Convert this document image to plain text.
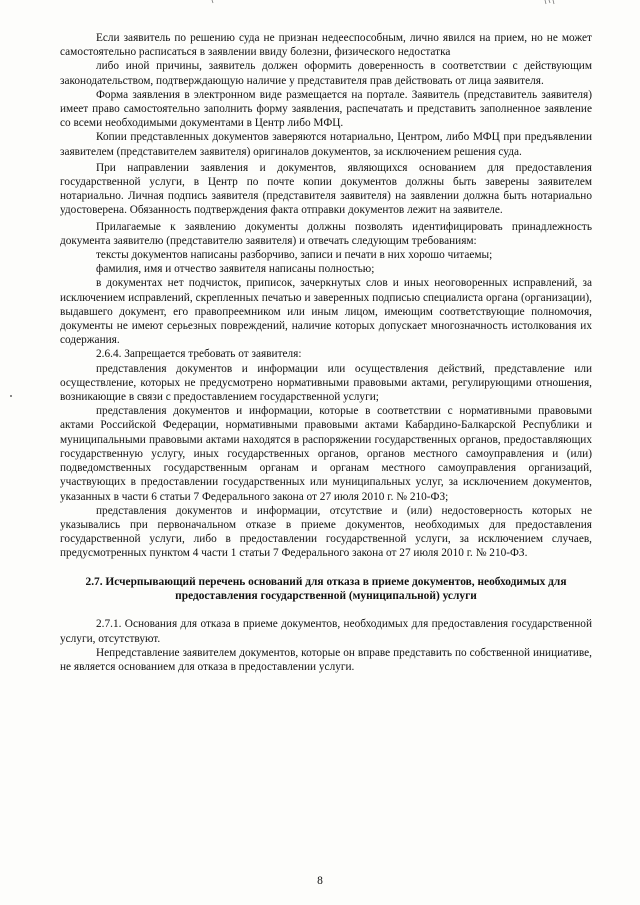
Если заявитель по решению суда не признан недееспособным, лично явился на прием, но не может самостоятельно расписаться в заявлении ввиду болезни, физического недостатка

либо иной причины, заявитель должен оформить доверенность в соответствии с действующим законодательством, подтверждающую наличие у представителя прав действовать от лица заявителя.

Форма заявления в электронном виде размещается на портале. Заявитель (представитель заявителя) имеет право самостоятельно заполнить форму заявления, распечатать и представить заполненное заявление со всеми необходимыми документами в Центр либо МФЦ.

Копии представленных документов заверяются нотариально, Центром, либо МФЦ при предъявлении заявителем (представителем заявителя) оригиналов документов, за исключением решения суда.

При направлении заявления и документов, являющихся основанием для предоставления государственной услуги, в Центр по почте копии документов должны быть заверены заявителем нотариально. Личная подпись заявителя (представителя заявителя) на заявлении должна быть нотариально удостоверена. Обязанность подтверждения факта отправки документов лежит на заявителе.

Прилагаемые к заявлению документы должны позволять идентифицировать принадлежность документа заявителю (представителю заявителя) и отвечать следующим требованиям:

тексты документов написаны разборчиво, записи и печати в них хорошо читаемы;

фамилия, имя и отчество заявителя написаны полностью;

в документах нет подчисток, приписок, зачеркнутых слов и иных неоговоренных исправлений, за исключением исправлений, скрепленных печатью и заверенных подписью специалиста органа (организации), выдавшего документ, его правопреемником или иным лицом, имеющим соответствующие полномочия, документы не имеют серьезных повреждений, наличие которых допускает многозначность истолкования их содержания.

2.6.4. Запрещается требовать от заявителя:

представления документов и информации или осуществления действий, представление или осуществление, которых не предусмотрено нормативными правовыми актами, регулирующими отношения, возникающие в связи с предоставлением государственной услуги;

представления документов и информации, которые в соответствии с нормативными правовыми актами Российской Федерации, нормативными правовыми актами Кабардино-Балкарской Республики и муниципальными правовыми актами находятся в распоряжении государственных органов, предоставляющих государственную услугу, иных государственных органов, органов местного самоуправления и (или) подведомственных государственным органам и органам местного самоуправления организаций, участвующих в предоставлении государственных или муниципальных услуг, за исключением документов, указанных в части 6 статьи 7 Федерального закона от 27 июля 2010 г. № 210-ФЗ;

представления документов и информации, отсутствие и (или) недостоверность которых не указывались при первоначальном отказе в приеме документов, необходимых для предоставления государственной услуги, либо в предоставлении государственной услуги, за исключением случаев, предусмотренных пунктом 4 части 1 статьи 7 Федерального закона от 27 июля 2010 г. № 210-ФЗ.

2.7. Исчерпывающий перечень оснований для отказа в приеме документов, необходимых для предоставления государственной (муниципальной) услуги

2.7.1. Основания для отказа в приеме документов, необходимых для предоставления государственной услуги, отсутствуют.

Непредставление заявителем документов, которые он вправе представить по собственной инициативе, не является основанием для отказа в предоставлении услуги.

8
